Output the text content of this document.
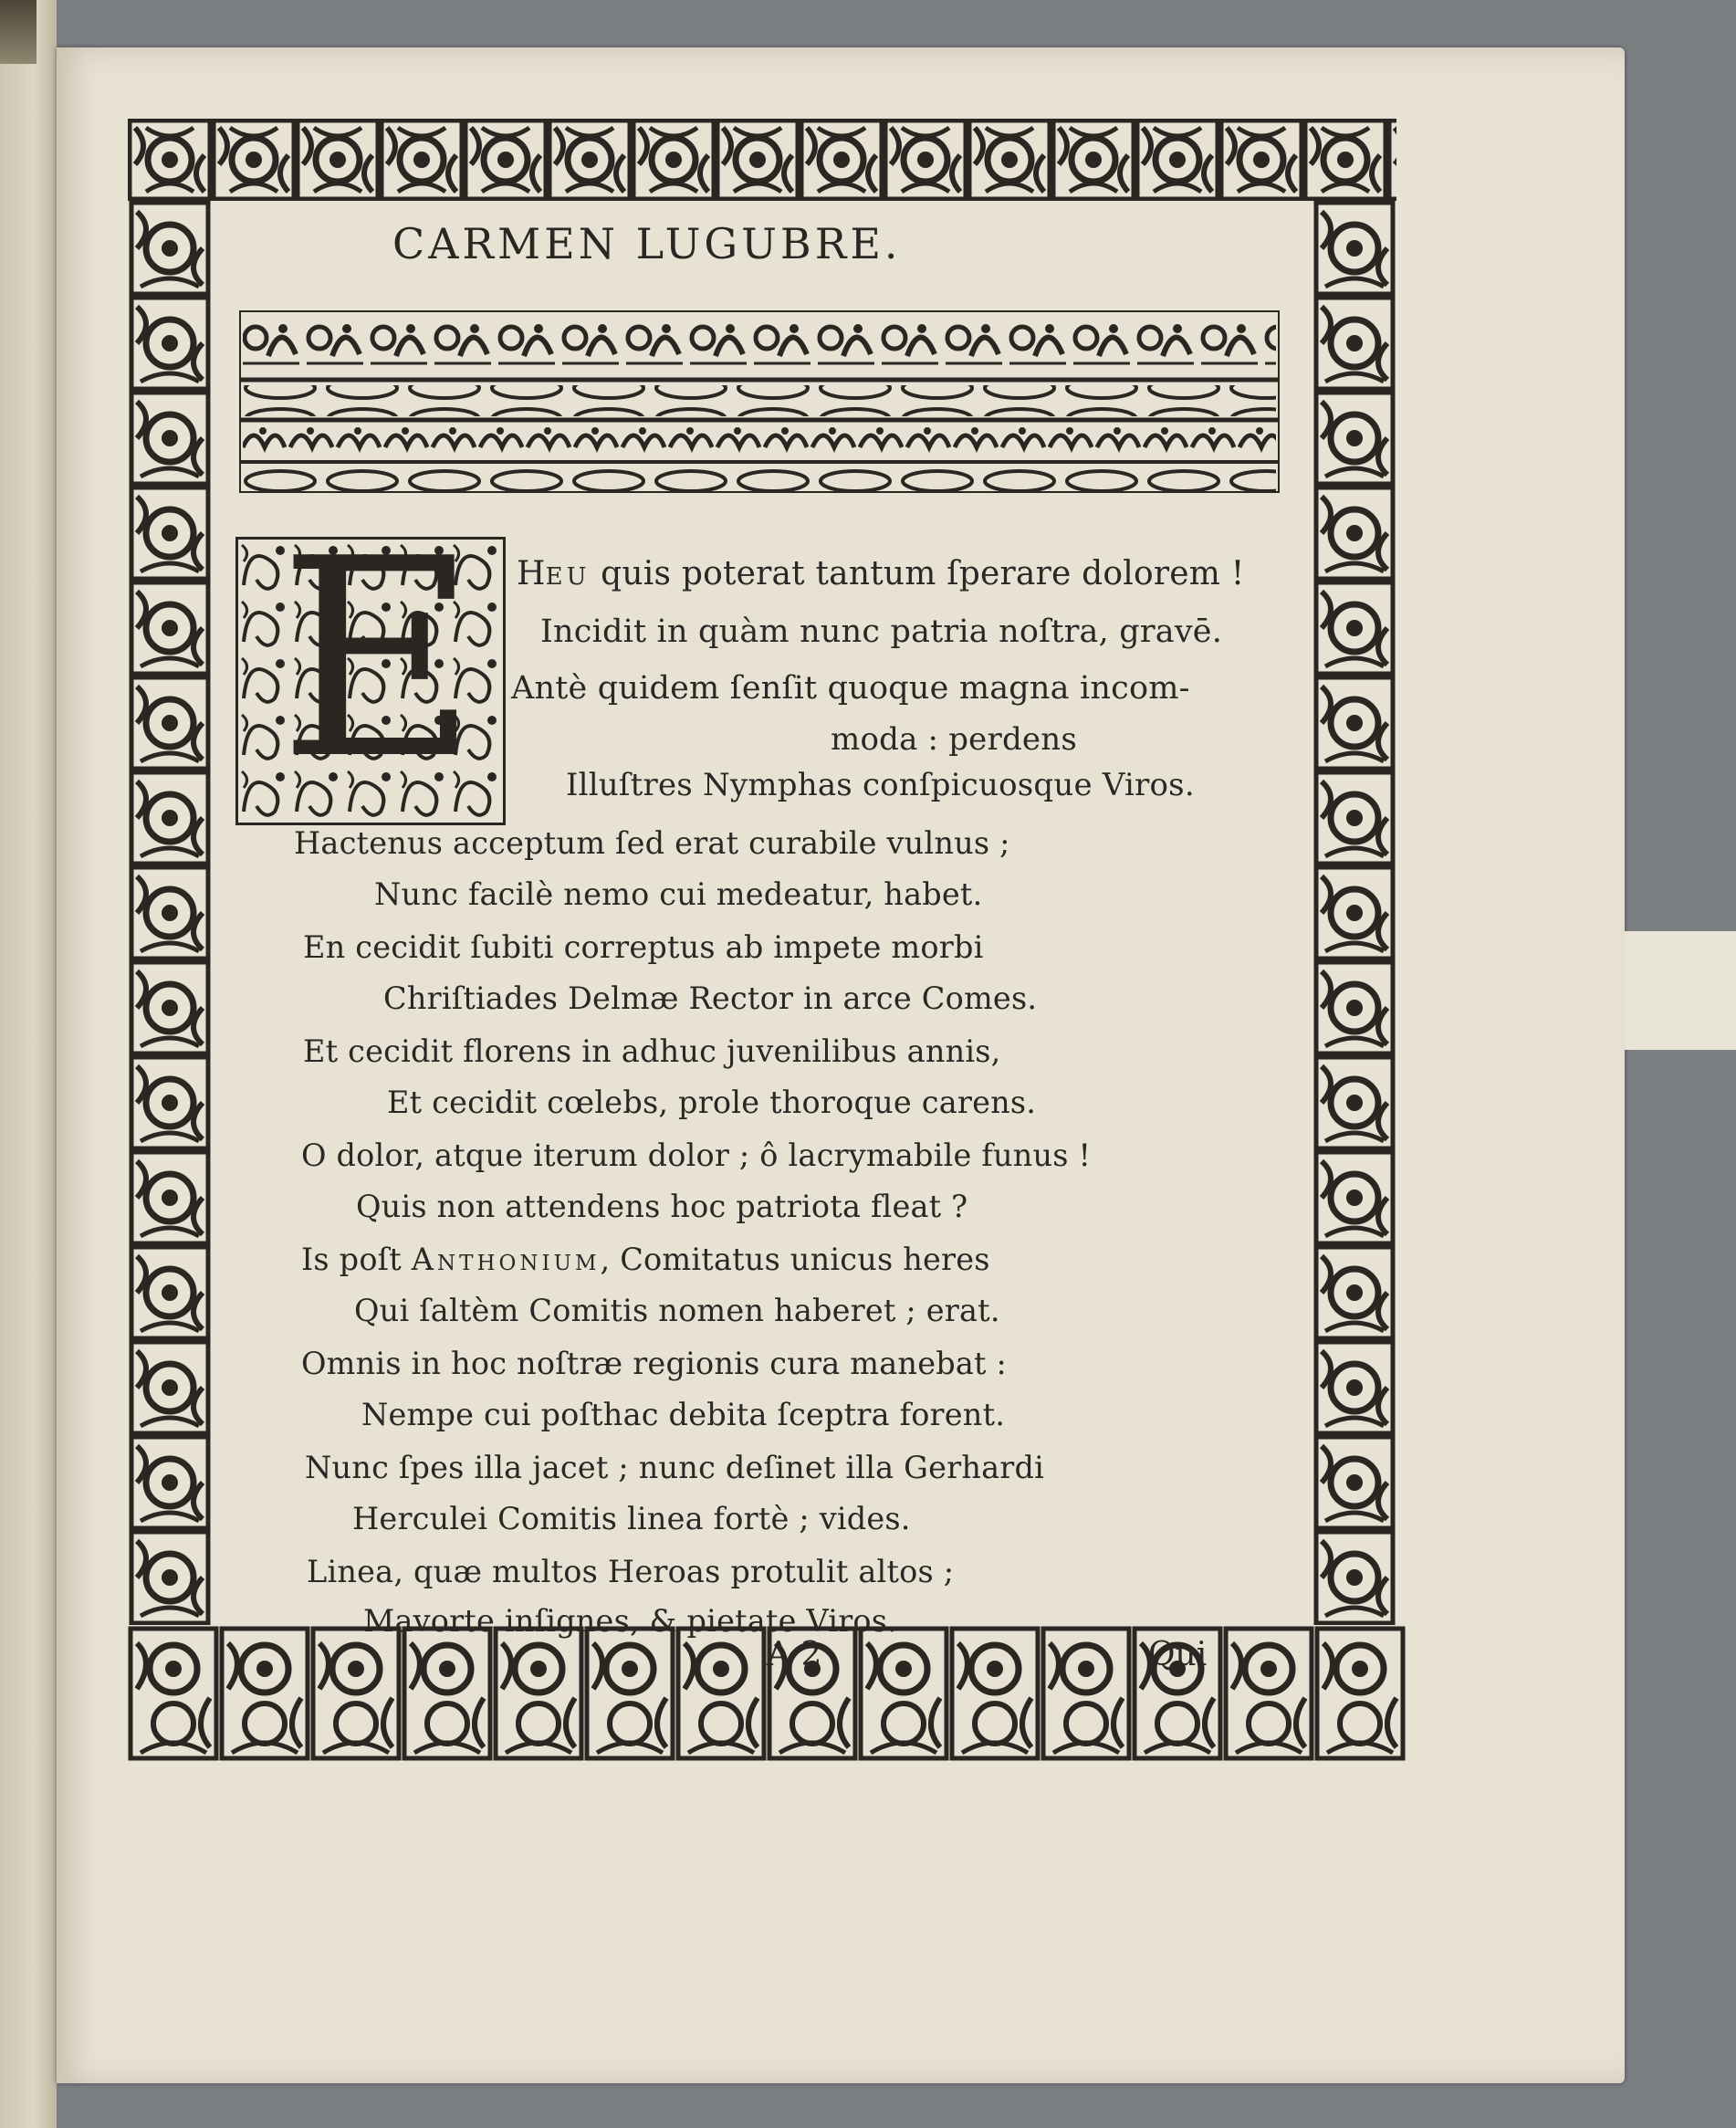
CARMEN LUGUBRE.
E HEU quis poterat tantum ſperare dolorem !
Incidit in quàm nunc patria noſtra, gravē.
Antè quidem ſenſit quoque magna incom-
moda : perdens
Illuſtres Nymphas conſpicuosque Viros.
Hactenus acceptum ſed erat curabile vulnus ;
Nunc facilè nemo cui medeatur, habet.
En cecidit ſubiti correptus ab impete morbi
Chriſtiades Delmæ Rector in arce Comes.
Et cecidit florens in adhuc juvenilibus annis,
Et cecidit cœlebs, prole thoroque carens.
O dolor, atque iterum dolor ; ô lacrymabile funus !
Quis non attendens hoc patriota fleat ?
Is poſt Anthonium, Comitatus unicus heres
Qui ſaltèm Comitis nomen haberet ; erat.
Omnis in hoc noſtræ regionis cura manebat :
Nempe cui poſthac debita ſceptra forent.
Nunc ſpes illa jacet ; nunc deſinet illa Gerhardi
Herculei Comitis linea fortè ; vides.
Linea, quæ multos Heroas protulit altos ;
Mavorte inſignes, & pietate Viros.
A 2	Qui
